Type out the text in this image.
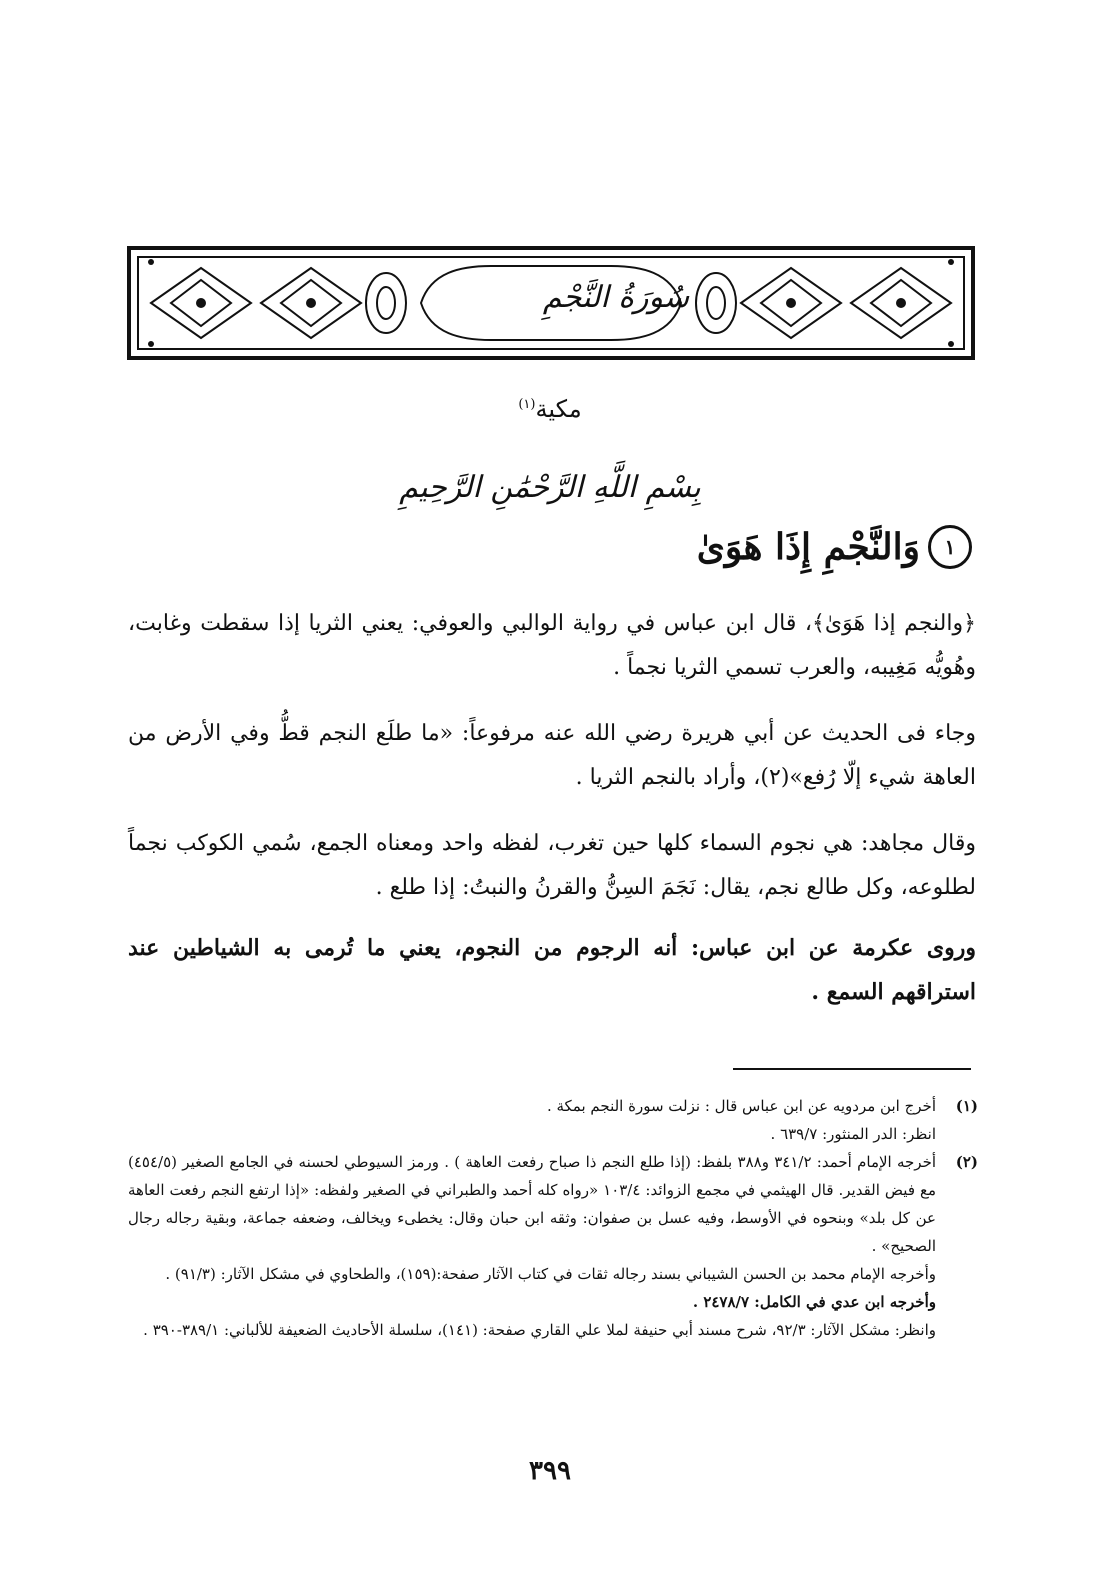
سُورَةُ النَّجْمِ
مكية$^{(١)}$
بِسْمِ اللَّهِ الرَّحْمَٰنِ الرَّحِيمِ
وَالنَّجْمِ إِذَا هَوَىٰ	١
﴿والنجم إذا هَوَىٰ﴾، قال ابن عباس في رواية الوالبي والعوفي: يعني الثريا إذا سقطت وغابت، وهُويُّه مَغِيبه، والعرب تسمي الثريا نجماً .
وجاء فى الحديث عن أبي هريرة رضي الله عنه مرفوعاً: «ما طلَع النجم قطُّ وفي الأرض من العاهة شيء إلّا رُفع»(٢)، وأراد بالنجم الثريا .
وقال مجاهد: هي نجوم السماء كلها حين تغرب، لفظه واحد ومعناه الجمع، سُمي الكوكب نجماً لطلوعه، وكل طالع نجم، يقال: نَجَمَ السِنُّ والقرنُ والنبتُ: إذا طلع .
وروى عكرمة عن ابن عباس: أنه الرجوم من النجوم، يعني ما تُرمى به الشياطين عند استراقهم السمع .
(١)
أخرج ابن مردويه عن ابن عباس قال : نزلت سورة النجم بمكة .
انظر: الدر المنثور: ٦٣٩/٧ .
(٢)
أخرجه الإمام أحمد: ٣٤١/٢ و٣٨٨ بلفظ: (إذا طلع النجم ذا صباح رفعت العاهة ) . ورمز السيوطي لحسنه في الجامع الصغير (٤٥٤/٥) مع فيض القدير. قال الهيثمي في مجمع الزوائد: ١٠٣/٤ «رواه كله أحمد والطبراني في الصغير ولفظه: «إذا ارتفع النجم رفعت العاهة عن كل بلد» وبنحوه في الأوسط، وفيه عسل بن صفوان: وثقه ابن حبان وقال: يخطىء ويخالف، وضعفه جماعة، وبقية رجاله رجال الصحيح» .
وأخرجه الإمام محمد بن الحسن الشيباني بسند رجاله ثقات في كتاب الآثار صفحة:(١٥٩)، والطحاوي في مشكل الآثار: (٩١/٣) .
وأخرجه ابن عدي في الكامل: ٢٤٧٨/٧ .
وانظر: مشكل الآثار: ٩٢/٣، شرح مسند أبي حنيفة لملا علي القاري صفحة: (١٤١)، سلسلة الأحاديث الضعيفة للألباني: ٣٨٩/١-٣٩٠ .
٣٩٩
